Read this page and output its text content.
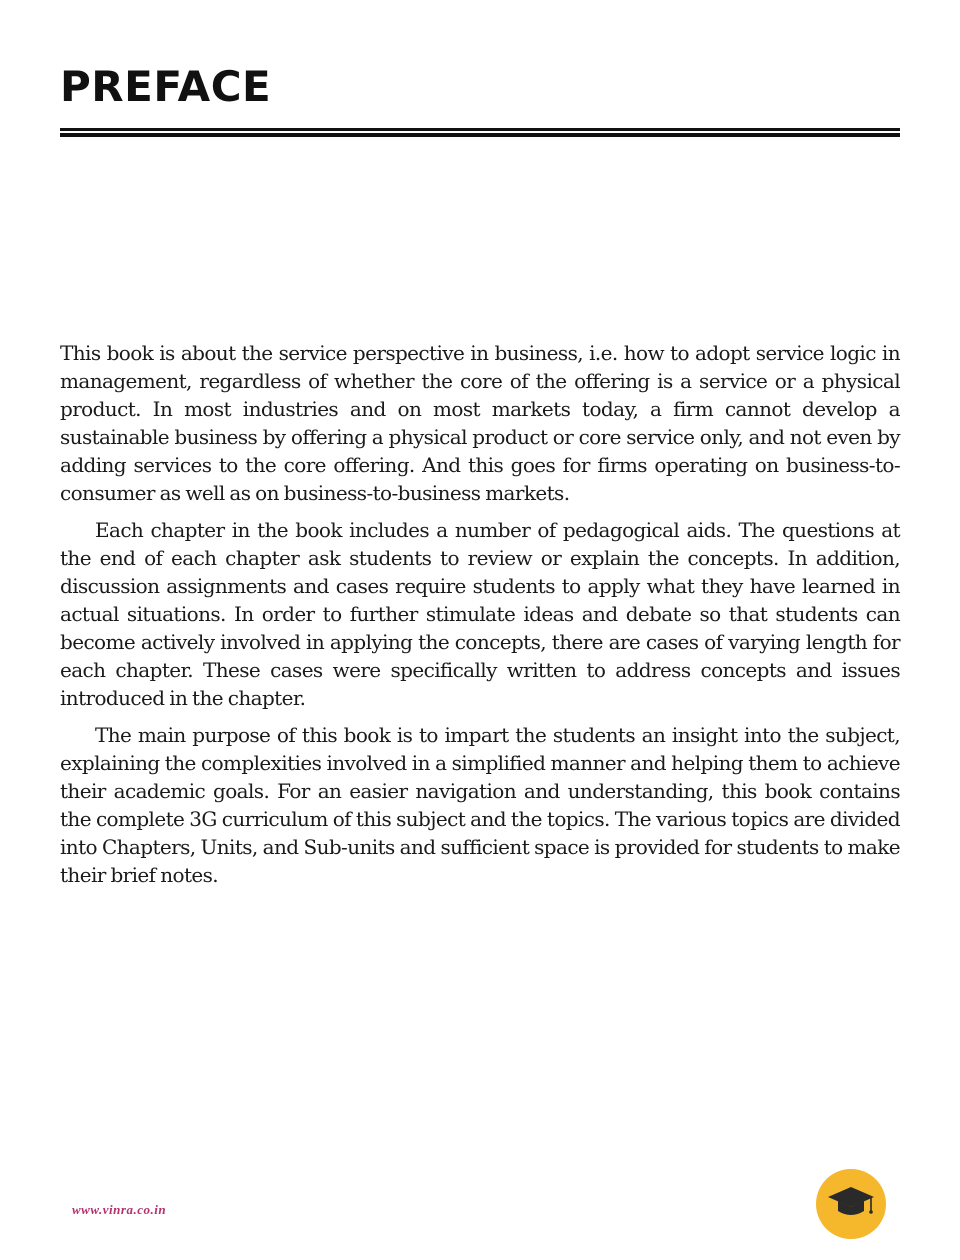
PREFACE

This book is about the service perspective in business, i.e. how to adopt service logic in management, regardless of whether the core of the offering is a service or a physical product. In most industries and on most markets today, a firm cannot develop a sustainable business by offering a physical product or core service only, and not even by adding services to the core offering. And this goes for firms operating on business-to-consumer as well as on business-to-business markets.

Each chapter in the book includes a number of pedagogical aids. The questions at the end of each chapter ask students to review or explain the concepts. In addition, discussion assignments and cases require students to apply what they have learned in actual situations. In order to further stimulate ideas and debate so that students can become actively involved in applying the concepts, there are cases of varying length for each chapter. These cases were specifically written to address concepts and issues introduced in the chapter.

The main purpose of this book is to impart the students an insight into the subject, explaining the complexities involved in a simplified manner and helping them to achieve their academic goals. For an easier navigation and understanding, this book contains the complete 3G curriculum of this subject and the topics. The various topics are divided into Chapters, Units, and Sub-units and sufficient space is provided for students to make their brief notes.

www.vinra.co.in
